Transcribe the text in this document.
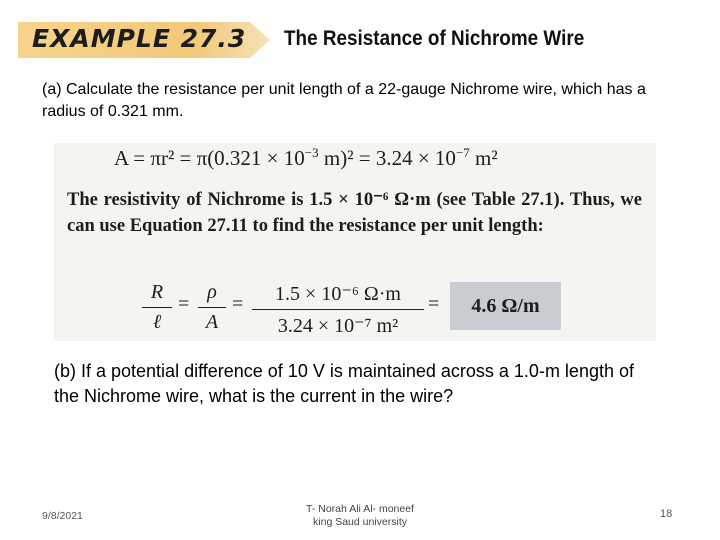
EXAMPLE 27.3 The Resistance of Nichrome Wire
(a) Calculate the resistance per unit length of a 22-gauge Nichrome wire, which has a radius of 0.321 mm.
$A = \pi r^2 = \pi(0.321 \times 10^{-3}$ $m)^2 = 3.24 \times 10^{-7}$ m²
The resistivity of Nichrome is 1.5 × 10⁻⁶ Ω·m (see Table 27.1). Thus, we can use Equation 27.11 to find the resistance per unit length:
R
ℓ
= $\frac{\rho}{A} = \frac{\text{1.5 × 10⁻⁶ Ω·m}}{\text{3.24 × 10⁻⁷ m²}}$ =	4.6 Ω/m
(b) If a potential difference of 10 V is maintained across a 1.0-m length of the Nichrome wire, what is the current in the wire?
9/8/2021
T- Norah Ali Al- moneef
king Saud university
18
